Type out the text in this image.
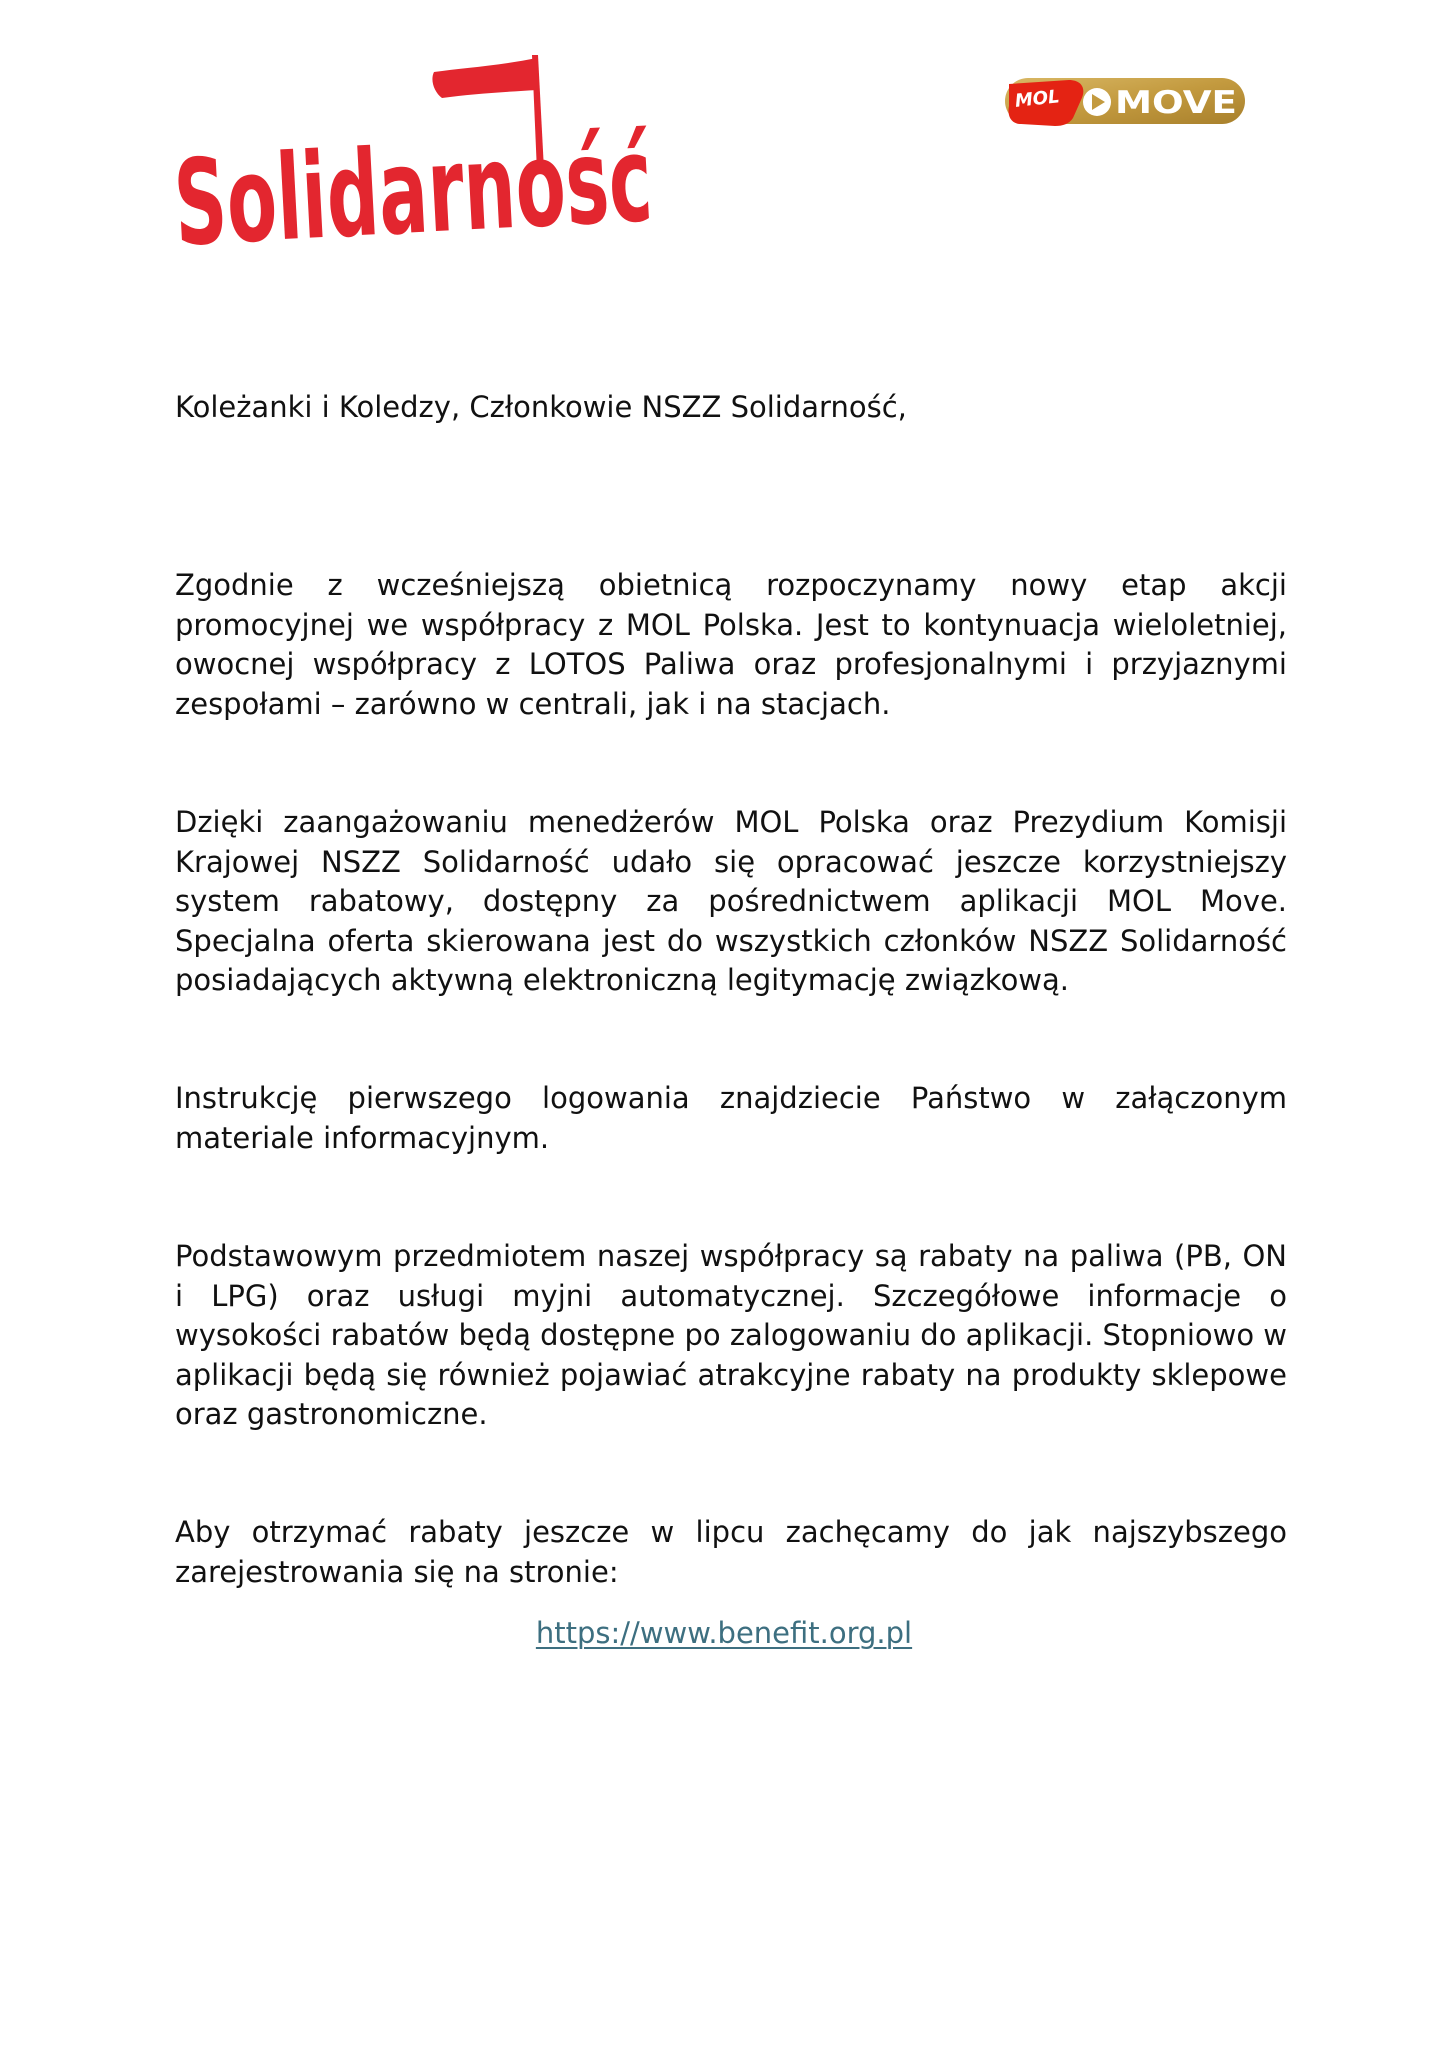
Solidarność	MOL MOVE

Koleżanki i Koledzy, Członkowie NSZZ Solidarność,

Zgodnie z wcześniejszą obietnicą rozpoczynamy nowy etap akcji promocyjnej we współpracy z MOL Polska. Jest to kontynuacja wieloletniej, owocnej współpracy z LOTOS Paliwa oraz profesjonalnymi i przyjaznymi zespołami – zarówno w centrali, jak i na stacjach.

Dzięki zaangażowaniu menedżerów MOL Polska oraz Prezydium Komisji Krajowej NSZZ Solidarność udało się opracować jeszcze korzystniejszy system rabatowy, dostępny za pośrednictwem aplikacji MOL Move. Specjalna oferta skierowana jest do wszystkich członków NSZZ Solidarność posiadających aktywną elektroniczną legitymację związkową.

Instrukcję pierwszego logowania znajdziecie Państwo w załączonym materiale informacyjnym.

Podstawowym przedmiotem naszej współpracy są rabaty na paliwa (PB, ON i LPG) oraz usługi myjni automatycznej. Szczegółowe informacje o wysokości rabatów będą dostępne po zalogowaniu do aplikacji. Stopniowo w aplikacji będą się również pojawiać atrakcyjne rabaty na produkty sklepowe oraz gastronomiczne.

Aby otrzymać rabaty jeszcze w lipcu zachęcamy do jak najszybszego zarejestrowania się na stronie:

https://www.benefit.org.pl
